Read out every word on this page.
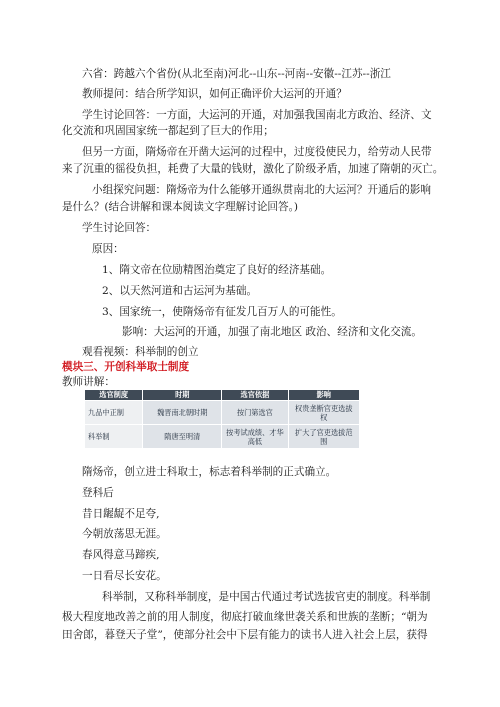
六省：跨越六个省份(从北至南)河北--山东--河南--安徽--江苏--浙江
教师提问：结合所学知识，如何正确评价大运河的开通？
学生讨论回答：一方面，大运河的开通，对加强我国南北方政治、经济、文
化交流和巩固国家统一都起到了巨大的作用；
但另一方面，隋炀帝在开凿大运河的过程中，过度役使民力，给劳动人民带
来了沉重的徭役负担，耗费了大量的钱财，激化了阶级矛盾，加速了隋朝的灭亡。
小组探究问题：隋炀帝为什么能够开通纵贯南北的大运河？开通后的影响
是什么？(结合讲解和课本阅读文字理解讨论回答。)
学生讨论回答：
原因：
1、隋文帝在位励精图治奠定了良好的经济基础。
2、以天然河道和古运河为基础。
3、国家统一，使隋炀帝有征发几百万人的可能性。
影响：大运河的开通，加强了南北地区 政治、经济和文化交流。
观看视频：科举制的创立
模块三、开创科举取士制度
教师讲解：
选官制度	时期	选官依据	影响
九品中正制	魏晋南北朝时期	按门第选官	权贵垄断官吏选拔权
科举制	隋唐至明清	按考试成绩、才华高低	扩大了官吏选拔范围
隋炀帝，创立进士科取士，标志着科举制的正式确立。
登科后
昔日龌龊不足夸,
今朝放荡思无涯。
春风得意马蹄疾,
一日看尽长安花。
科举制，又称科举制度，是中国古代通过考试选拔官吏的制度。科举制
极大程度地改善之前的用人制度，彻底打破血缘世袭关系和世族的垄断；“朝为
田舍郎，暮登天子堂”，使部分社会中下层有能力的读书人进入社会上层，获得
